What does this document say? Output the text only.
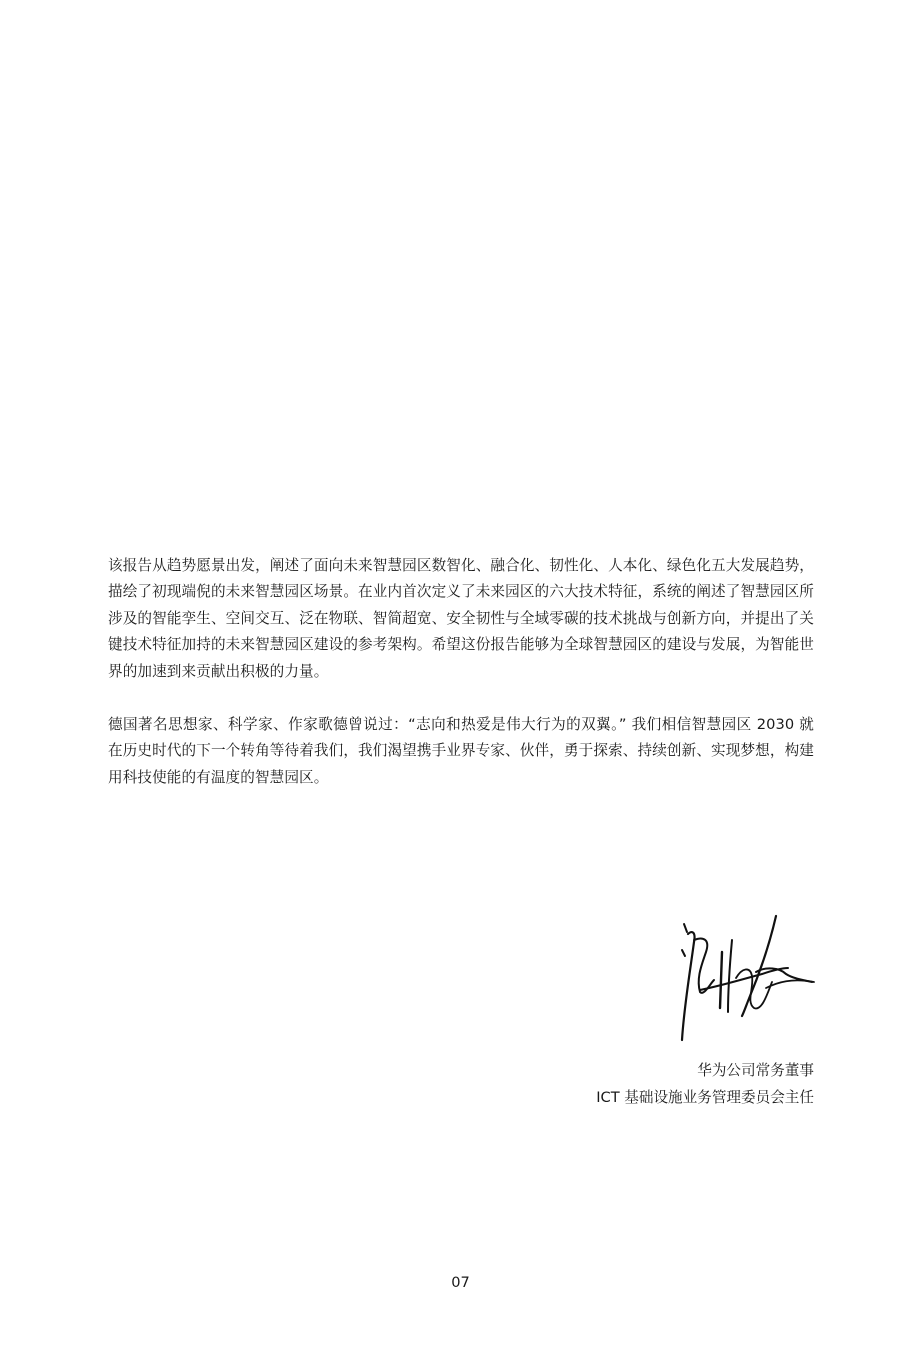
该报告从趋势愿景出发，阐述了面向未来智慧园区数智化、融合化、韧性化、人本化、绿色化五大发展趋势，描绘了初现端倪的未来智慧园区场景。在业内首次定义了未来园区的六大技术特征，系统的阐述了智慧园区所涉及的智能孪生、空间交互、泛在物联、智简超宽、安全韧性与全域零碳的技术挑战与创新方向，并提出了关键技术特征加持的未来智慧园区建设的参考架构。希望这份报告能够为全球智慧园区的建设与发展，为智能世界的加速到来贡献出积极的力量。

德国著名思想家、科学家、作家歌德曾说过：“志向和热爱是伟大行为的双翼。” 我们相信智慧园区 2030 就在历史时代的下一个转角等待着我们，我们渴望携手业界专家、伙伴，勇于探索、持续创新、实现梦想，构建用科技使能的有温度的智慧园区。

华为公司常务董事
ICT 基础设施业务管理委员会主任
07
